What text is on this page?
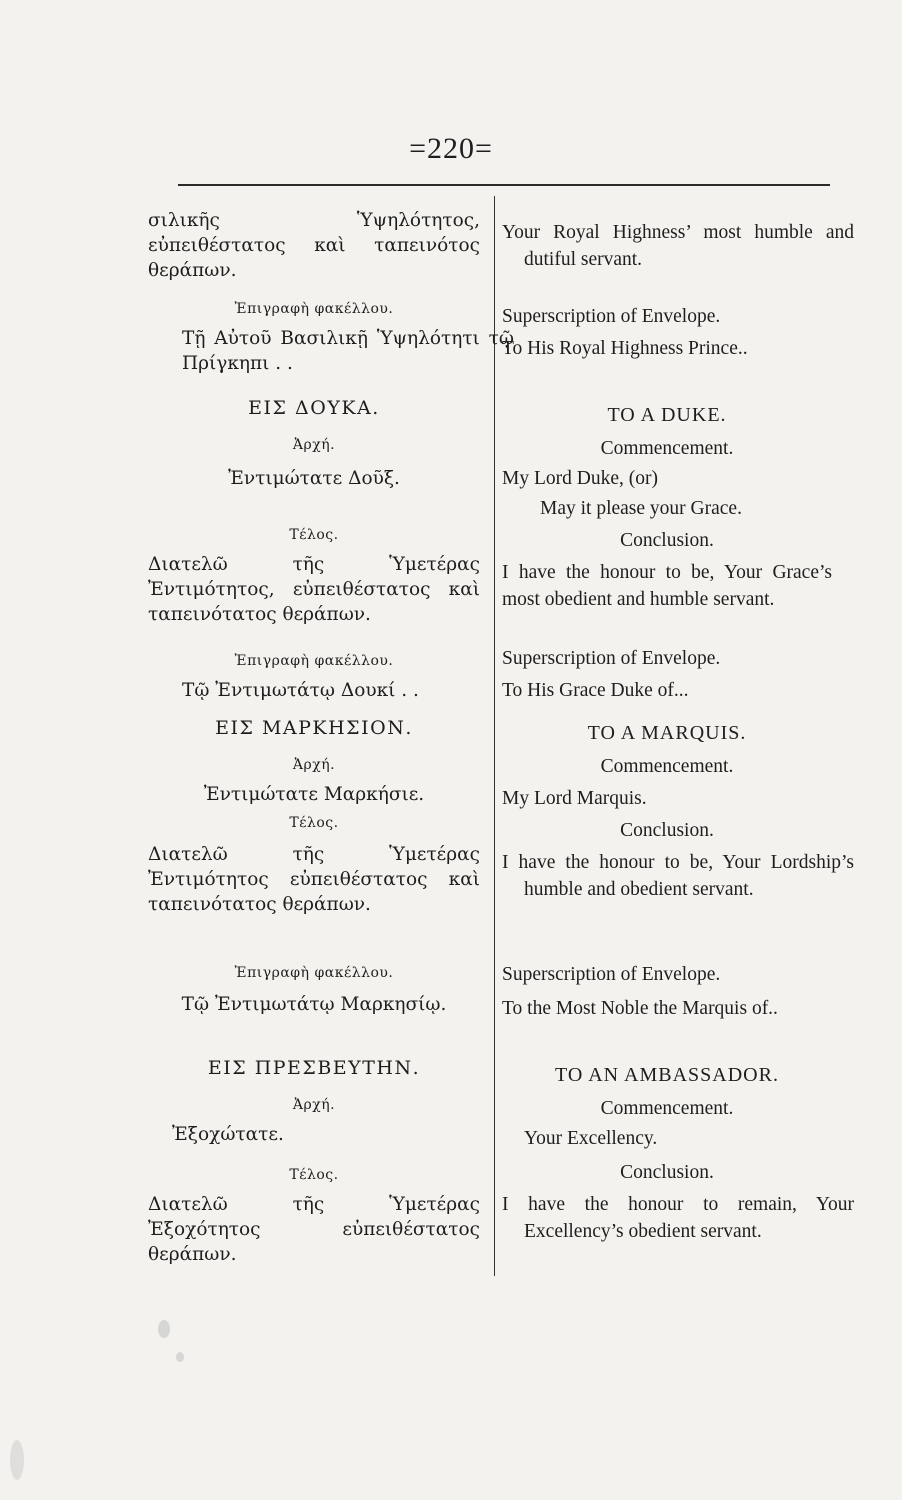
=220=
σιλικῆς Ὑψηλότητος, εὐπειθέστατος καὶ ταπεινότος θεράπων.
Ἐπιγραφὴ φακέλλου.
Τῇ Αὐτοῦ Βασιλικῇ Ὑψηλότητι τῷ Πρίγκηπι . .
ΕΙΣ ΔΟΥΚΑ.
Ἀρχή.
Ἐντιμώτατε Δοῦξ.
Τέλος.
Διατελῶ τῆς Ὑμετέρας Ἐντιμότητος, εὐπειθέστατος καὶ ταπεινότατος θεράπων.
Ἐπιγραφὴ φακέλλου.
Τῷ Ἐντιμωτάτῳ Δουκί . .
ΕΙΣ ΜΑΡΚΗΣΙΟΝ.
Ἀρχή.
Ἐντιμώτατε Μαρκήσιε.
Τέλος.
Διατελῶ τῆς Ὑμετέρας Ἐντιμότητος εὐπειθέστατος καὶ ταπεινότατος θεράπων.
Ἐπιγραφὴ φακέλλου.
Τῷ Ἐντιμωτάτῳ Μαρκησίῳ.
ΕΙΣ ΠΡΕΣΒΕΥΤΗΝ.
Ἀρχή.
Ἐξοχώτατε.
Τέλος.
Διατελῶ τῆς Ὑμετέρας Ἐξοχότητος εὐπειθέστατος θεράπων.
Your Royal Highness’ most humble and dutiful servant.
Superscription of Envelope.
To His Royal Highness Prince..
TO A DUKE.
Commencement.
My Lord Duke, (or)
May it please your Grace.
Conclusion.
I have the honour to be, Your Grace’s most obedient and humble servant.
Superscription of Envelope.
To His Grace Duke of...
TO A MARQUIS.
Commencement.
My Lord Marquis.
Conclusion.
I have the honour to be, Your Lordship’s humble and obedient servant.
Superscription of Envelope.
To the Most Noble the Marquis of..
TO AN AMBASSADOR.
Commencement.
Your Excellency.
Conclusion.
I have the honour to remain, Your Excellency’s obedient servant.
